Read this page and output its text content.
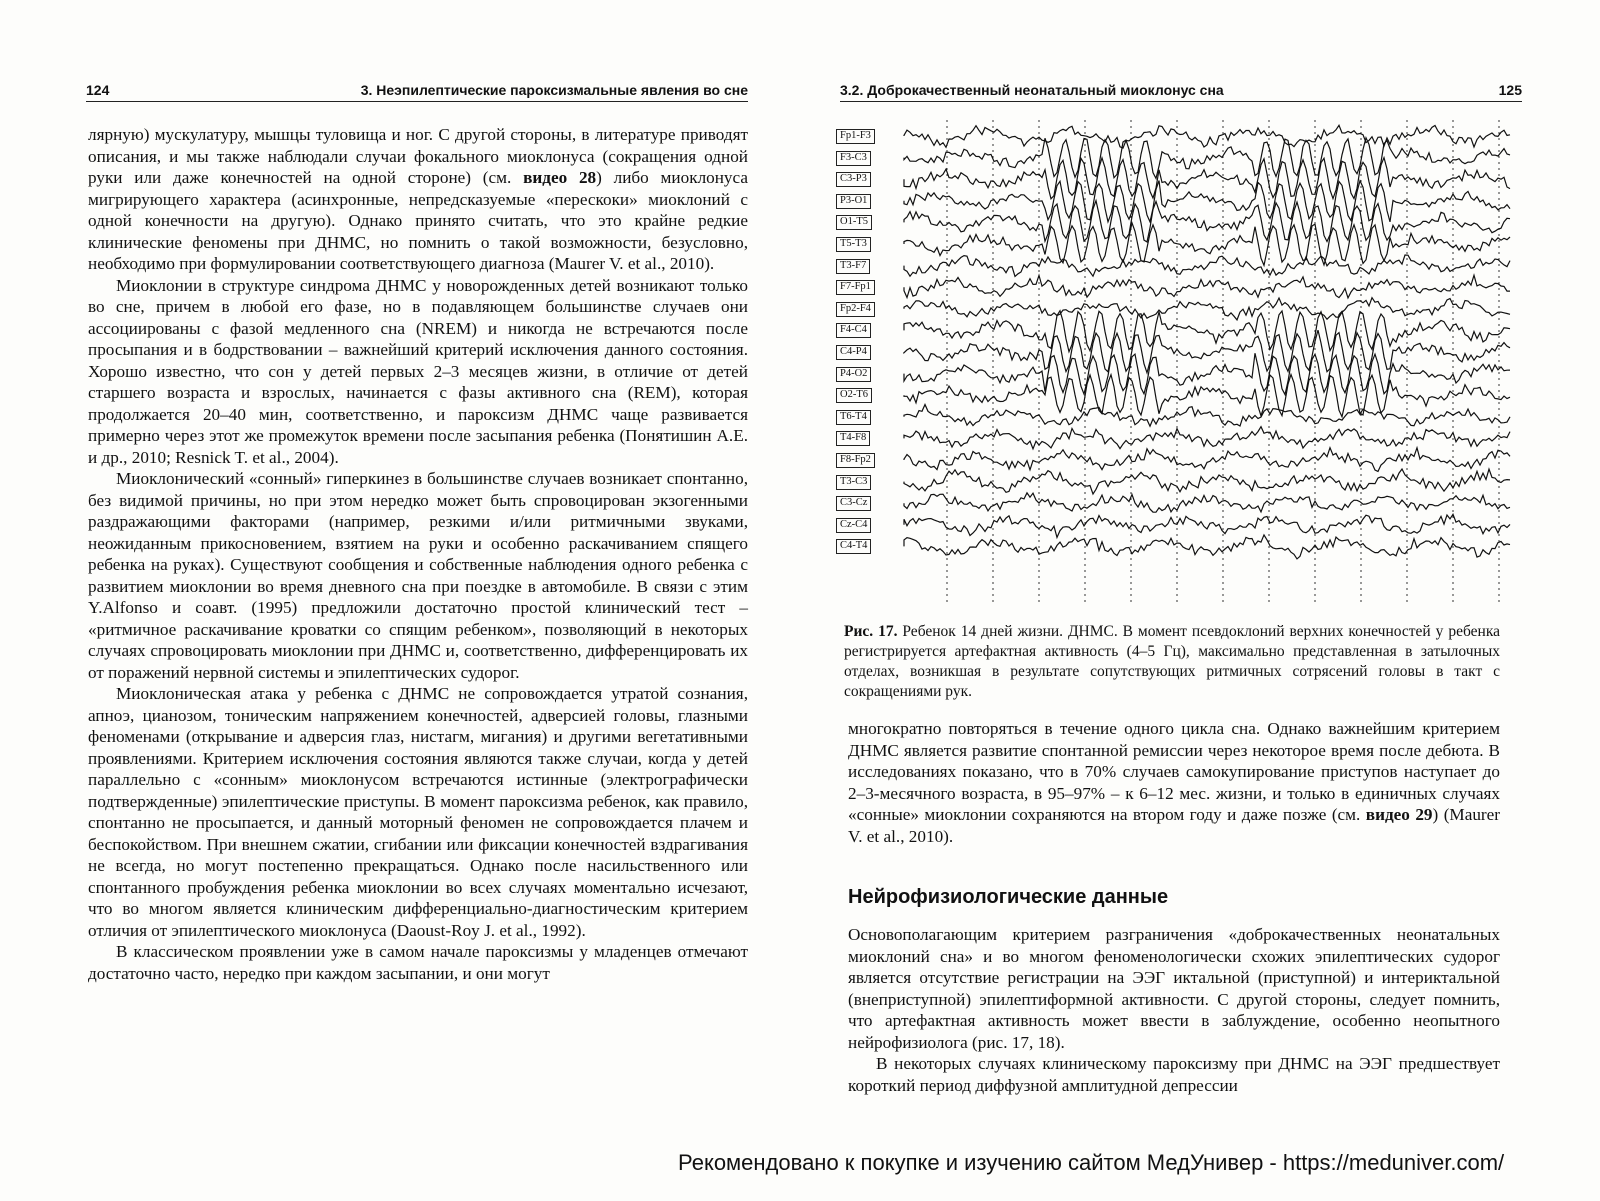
124	3. Неэпилептические пароксизмальные явления во сне

лярную) мускулатуру, мышцы туловища и ног. С другой стороны, в литературе приводят описания, и мы также наблюдали случаи фокального миоклонуса (сокращения одной руки или даже конечностей на одной стороне) (см. видео 28) либо миоклонуса мигрирующего характера (асинхронные, непредсказуемые «перескоки» миоклоний с одной конечности на другую). Однако принято считать, что это крайне редкие клинические феномены при ДНМС, но помнить о такой возможности, безусловно, необходимо при формулировании соответствующего диагноза (Maurer V. et al., 2010).

Миоклонии в структуре синдрома ДНМС у новорожденных детей возникают только во сне, причем в любой его фазе, но в подавляющем большинстве случаев они ассоциированы с фазой медленного сна (NREM) и никогда не встречаются после просыпания и в бодрствовании – важнейший критерий исключения данного состояния. Хорошо известно, что сон у детей первых 2–3 месяцев жизни, в отличие от детей старшего возраста и взрослых, начинается с фазы активного сна (REM), которая продолжается 20–40 мин, соответственно, и пароксизм ДНМС чаще развивается примерно через этот же промежуток времени после засыпания ребенка (Понятишин А.Е. и др., 2010; Resnick T. et al., 2004).

Миоклонический «сонный» гиперкинез в большинстве случаев возникает спонтанно, без видимой причины, но при этом нередко может быть спровоцирован экзогенными раздражающими факторами (например, резкими и/или ритмичными звуками, неожиданным прикосновением, взятием на руки и особенно раскачиванием спящего ребенка на руках). Существуют сообщения и собственные наблюдения одного ребенка с развитием миоклонии во время дневного сна при поездке в автомобиле. В связи с этим Y.Alfonso и соавт. (1995) предложили достаточно простой клинический тест – «ритмичное раскачивание кроватки со спящим ребенком», позволяющий в некоторых случаях спровоцировать миоклонии при ДНМС и, соответственно, дифференцировать их от поражений нервной системы и эпилептических судорог.

Миоклоническая атака у ребенка с ДНМС не сопровождается утратой сознания, апноэ, цианозом, тоническим напряжением конечностей, адверсией головы, глазными феноменами (открывание и адверсия глаз, нистагм, мигания) и другими вегетативными проявлениями. Критерием исключения состояния являются также случаи, когда у детей параллельно с «сонным» миоклонусом встречаются истинные (электрографически подтвержденные) эпилептические приступы. В момент пароксизма ребенок, как правило, спонтанно не просыпается, и данный моторный феномен не сопровождается плачем и беспокойством. При внешнем сжатии, сгибании или фиксации конечностей вздрагивания не всегда, но могут постепенно прекращаться. Однако после насильственного или спонтанного пробуждения ребенка миоклонии во всех случаях моментально исчезают, что во многом является клиническим дифференциально-диагностическим критерием отличия от эпилептического миоклонуса (Daoust-Roy J. et al., 1992).

В классическом проявлении уже в самом начале пароксизмы у младенцев отмечают достаточно часто, нередко при каждом засыпании, и они могут

3.2. Доброкачественный неонатальный миоклонус сна	125
Fp1-F3
F3-C3
C3-P3
P3-O1
O1-T5
T5-T3
T3-F7
F7-Fp1
Fp2-F4
F4-C4
C4-P4
P4-O2
O2-T6
T6-T4
T4-F8
F8-Fp2
T3-C3
C3-Cz
Cz-C4
C4-T4
Рис. 17. Ребенок 14 дней жизни. ДНМС. В момент псевдоклоний верхних конечностей у ребенка регистрируется артефактная активность (4–5 Гц), максимально представленная в затылочных отделах, возникшая в результате сопутствующих ритмичных сотрясений головы в такт с сокращениями рук.

многократно повторяться в течение одного цикла сна. Однако важнейшим критерием ДНМС является развитие спонтанной ремиссии через некоторое время после дебюта. В исследованиях показано, что в 70% случаев самокупирование приступов наступает до 2–3-месячного возраста, в 95–97% – к 6–12 мес. жизни, и только в единичных случаях «сонные» миоклонии сохраняются на втором году и даже позже (см. видео 29) (Maurer V. et al., 2010).

Нейрофизиологические данные

Основополагающим критерием разграничения «доброкачественных неонатальных миоклоний сна» и во многом феноменологически схожих эпилептических судорог является отсутствие регистрации на ЭЭГ иктальной (приступной) и интериктальной (внеприступной) эпилептиформной активности. С другой стороны, следует помнить, что артефактная активность может ввести в заблуждение, особенно неопытного нейрофизиолога (рис. 17, 18).

В некоторых случаях клиническому пароксизму при ДНМС на ЭЭГ предшествует короткий период диффузной амплитудной депрессии

Рекомендовано к покупке и изучению сайтом МедУнивер - https://meduniver.com/
